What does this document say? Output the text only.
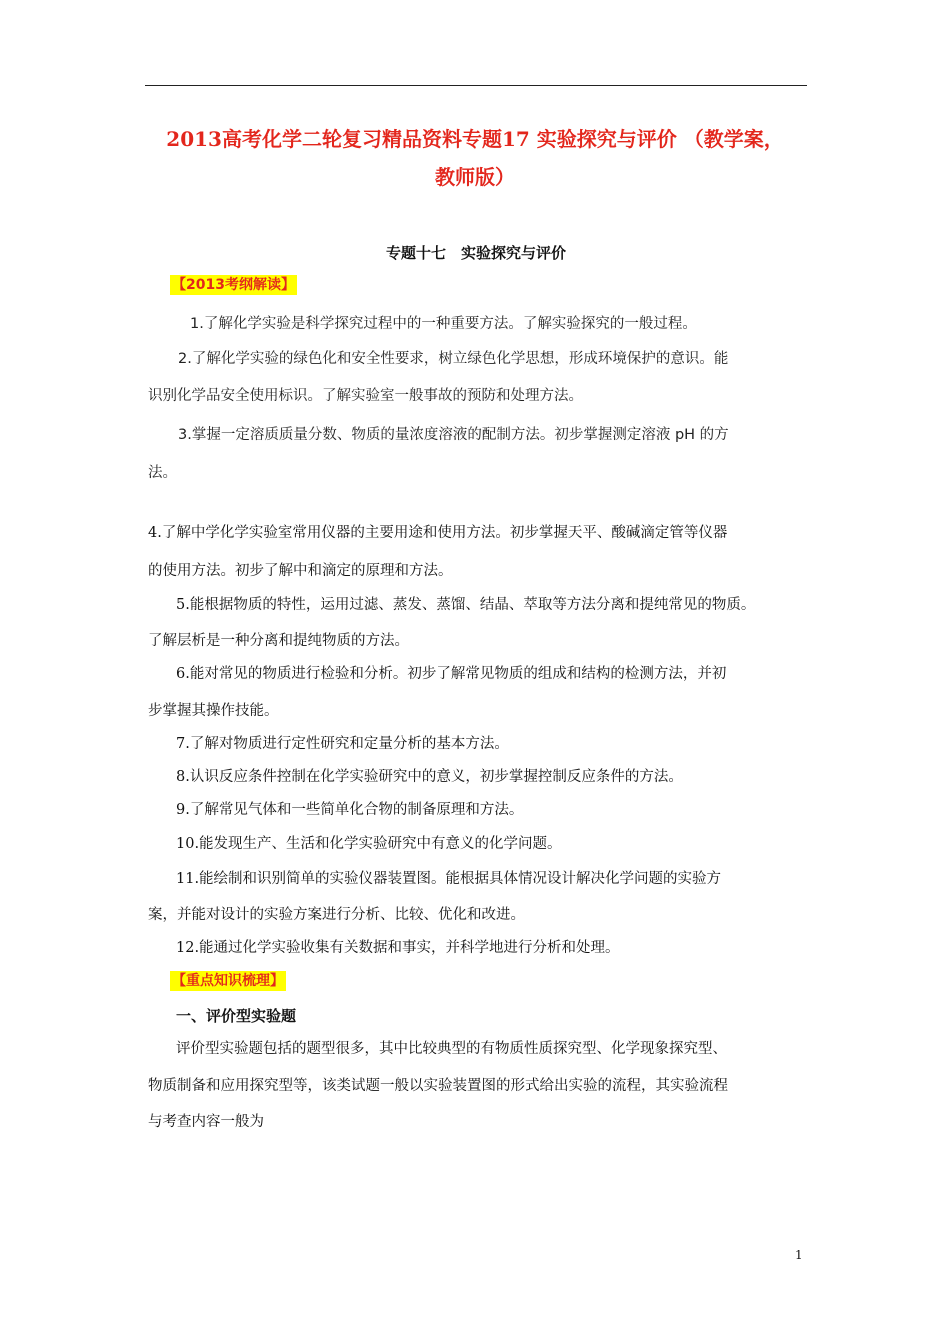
2013高考化学二轮复习精品资料专题17 实验探究与评价 （教学案，
教师版）
专题十七　实验探究与评价
【2013考纲解读】
1.了解化学实验是科学探究过程中的一种重要方法。了解实验探究的一般过程。
2.了解化学实验的绿色化和安全性要求，树立绿色化学思想，形成环境保护的意识。能
识别化学品安全使用标识。了解实验室一般事故的预防和处理方法。
3.掌握一定溶质质量分数、物质的量浓度溶液的配制方法。初步掌握测定溶液 pH 的方
法。
4.了解中学化学实验室常用仪器的主要用途和使用方法。初步掌握天平、酸碱滴定管等仪器
的使用方法。初步了解中和滴定的原理和方法。
5.能根据物质的特性，运用过滤、蒸发、蒸馏、结晶、萃取等方法分离和提纯常见的物质。
了解层析是一种分离和提纯物质的方法。
6.能对常见的物质进行检验和分析。初步了解常见物质的组成和结构的检测方法，并初
步掌握其操作技能。
7.了解对物质进行定性研究和定量分析的基本方法。
8.认识反应条件控制在化学实验研究中的意义，初步掌握控制反应条件的方法。
9.了解常见气体和一些简单化合物的制备原理和方法。
10.能发现生产、生活和化学实验研究中有意义的化学问题。
11.能绘制和识别简单的实验仪器装置图。能根据具体情况设计解决化学问题的实验方
案，并能对设计的实验方案进行分析、比较、优化和改进。
12.能通过化学实验收集有关数据和事实，并科学地进行分析和处理。
【重点知识梳理】
一、评价型实验题
评价型实验题包括的题型很多，其中比较典型的有物质性质探究型、化学现象探究型、
物质制备和应用探究型等，该类试题一般以实验装置图的形式给出实验的流程，其实验流程
与考查内容一般为
1
